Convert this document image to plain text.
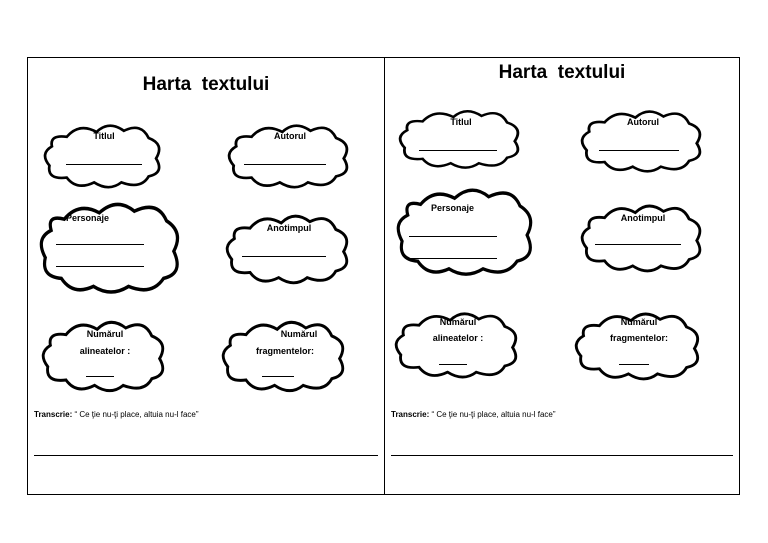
Harta  textului
Titlul	Autorul
Personaje
Anotimpul
Numărul
alineatelor :
Numărul
fragmentelor:
Transcrie: “ Ce ţie nu-ţi place, altuia nu-l face”
Harta  textului
Titlul	Autorul
Personaje
Anotimpul
Numărul
alineatelor :
Numărul
fragmentelor:
Transcrie: “ Ce ţie nu-ţi place, altuia nu-l face”
